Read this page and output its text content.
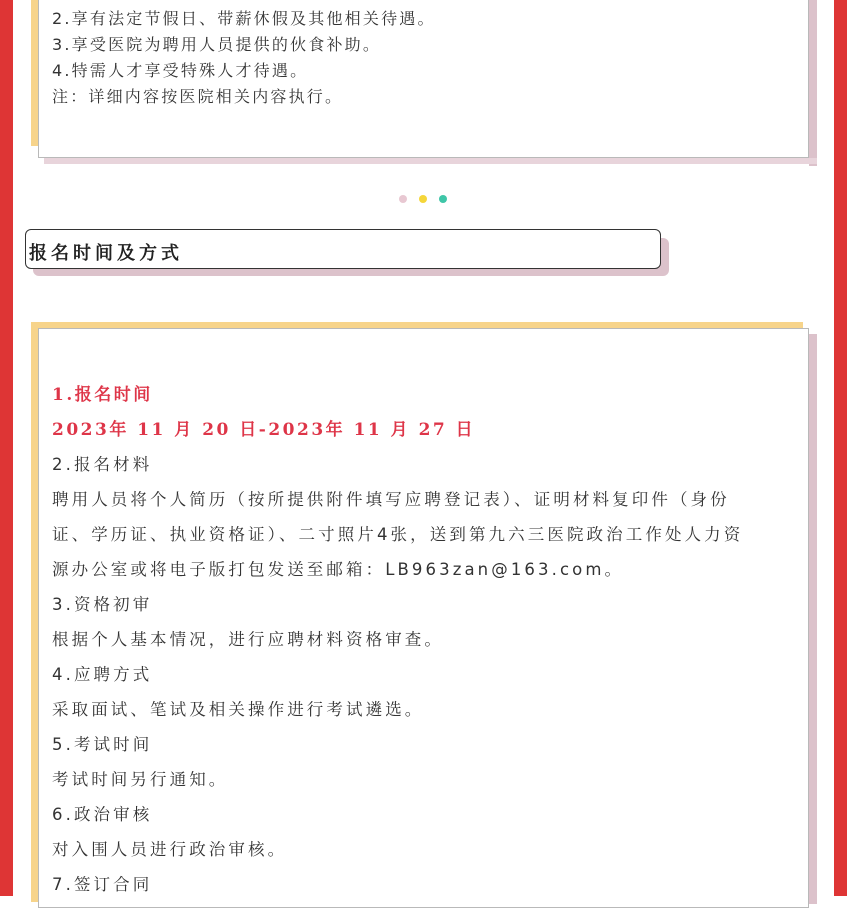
2.享有法定节假日、带薪休假及其他相关待遇。
3.享受医院为聘用人员提供的伙食补助。
4.特需人才享受特殊人才待遇。
注：详细内容按医院相关内容执行。
报名时间及方式
1.报名时间
2023年 11 月 20 日-2023年 11 月 27 日
2.报名材料
聘用人员将个人简历（按所提供附件填写应聘登记表）、证明材料复印件（身份
证、学历证、执业资格证）、二寸照片4张，送到第九六三医院政治工作处人力资
源办公室或将电子版打包发送至邮箱：LB963zan@163.com。
3.资格初审
根据个人基本情况，进行应聘材料资格审查。
4.应聘方式
采取面试、笔试及相关操作进行考试遴选。
5.考试时间
考试时间另行通知。
6.政治审核
对入围人员进行政治审核。
7.签订合同
